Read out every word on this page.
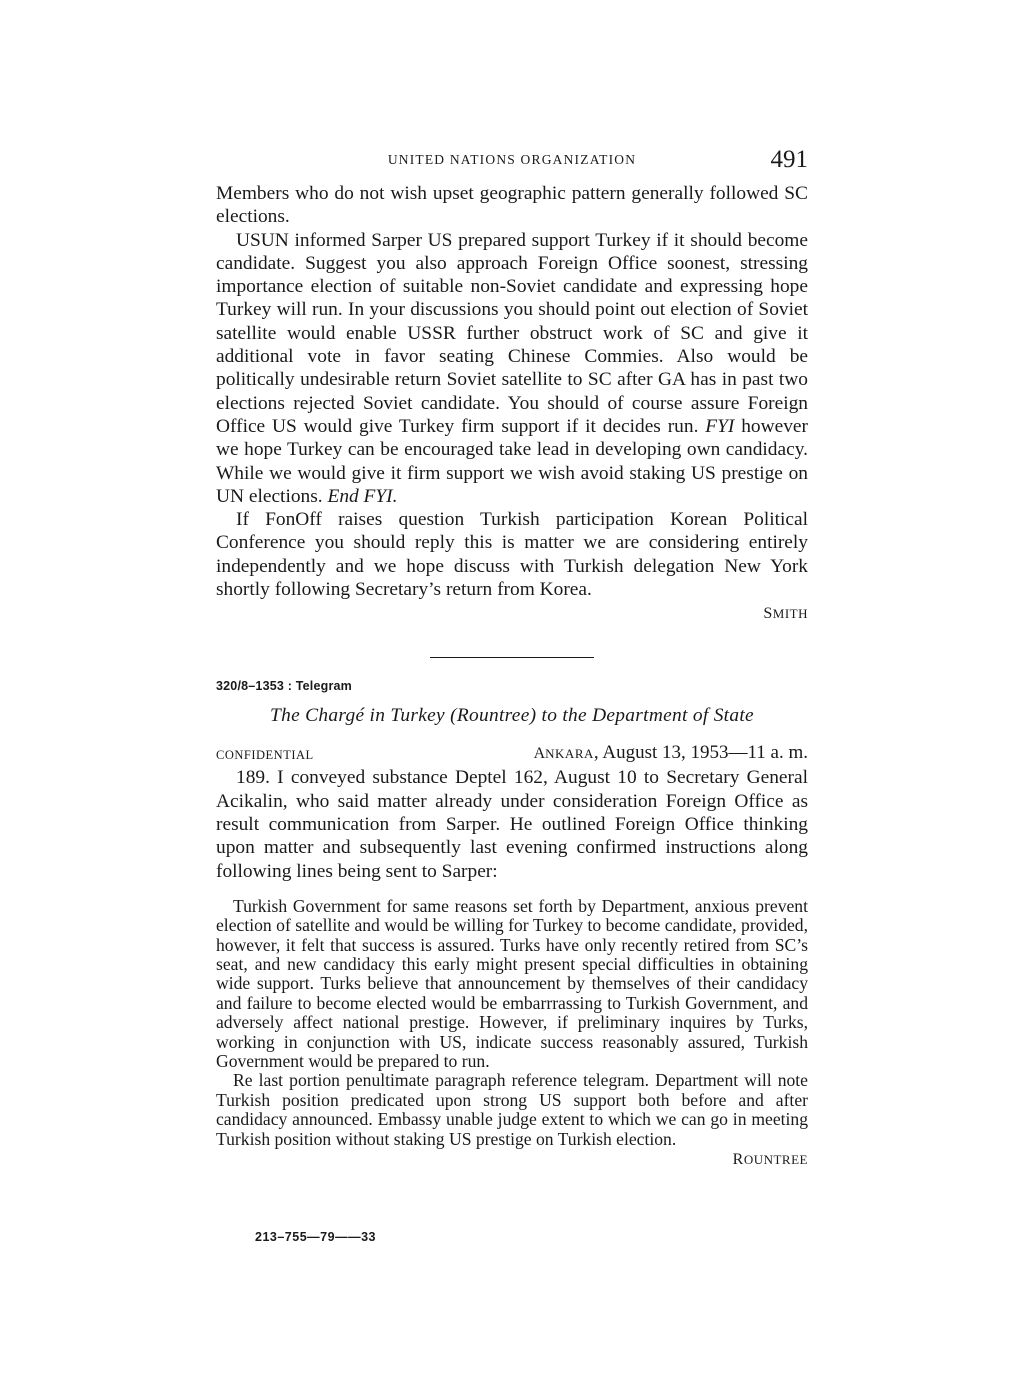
UNITED NATIONS ORGANIZATION	491

Members who do not wish upset geographic pattern generally followed SC elections.

USUN informed Sarper US prepared support Turkey if it should become candidate. Suggest you also approach Foreign Office soonest, stressing importance election of suitable non-Soviet candidate and expressing hope Turkey will run. In your discussions you should point out election of Soviet satellite would enable USSR further obstruct work of SC and give it additional vote in favor seating Chinese Commies. Also would be politically undesirable return Soviet satellite to SC after GA has in past two elections rejected Soviet candidate. You should of course assure Foreign Office US would give Turkey firm support if it decides run. FYI however we hope Turkey can be encouraged take lead in developing own candidacy. While we would give it firm support we wish avoid staking US prestige on UN elections. End FYI.

If FonOff raises question Turkish participation Korean Political Conference you should reply this is matter we are considering entirely independently and we hope discuss with Turkish delegation New York shortly following Secretary’s return from Korea.

SMITH
320/8–1353 : Telegram
The Chargé in Turkey (Rountree) to the Department of State
CONFIDENTIAL	ANKARA, August 13, 1953—11 a. m.

189. I conveyed substance Deptel 162, August 10 to Secretary General Acikalin, who said matter already under consideration Foreign Office as result communication from Sarper. He outlined Foreign Office thinking upon matter and subsequently last evening confirmed instructions along following lines being sent to Sarper:

Turkish Government for same reasons set forth by Department, anxious prevent election of satellite and would be willing for Turkey to become candidate, provided, however, it felt that success is assured. Turks have only recently retired from SC’s seat, and new candidacy this early might present special difficulties in obtaining wide support. Turks believe that announcement by themselves of their candidacy and failure to become elected would be embarrrassing to Turkish Government, and adversely affect national prestige. However, if preliminary inquires by Turks, working in conjunction with US, indicate success reasonably assured, Turkish Government would be prepared to run.

Re last portion penultimate paragraph reference telegram. Department will note Turkish position predicated upon strong US support both before and after candidacy announced. Embassy unable judge extent to which we can go in meeting Turkish position without staking US prestige on Turkish election.

ROUNTREE
213–755—79——33
